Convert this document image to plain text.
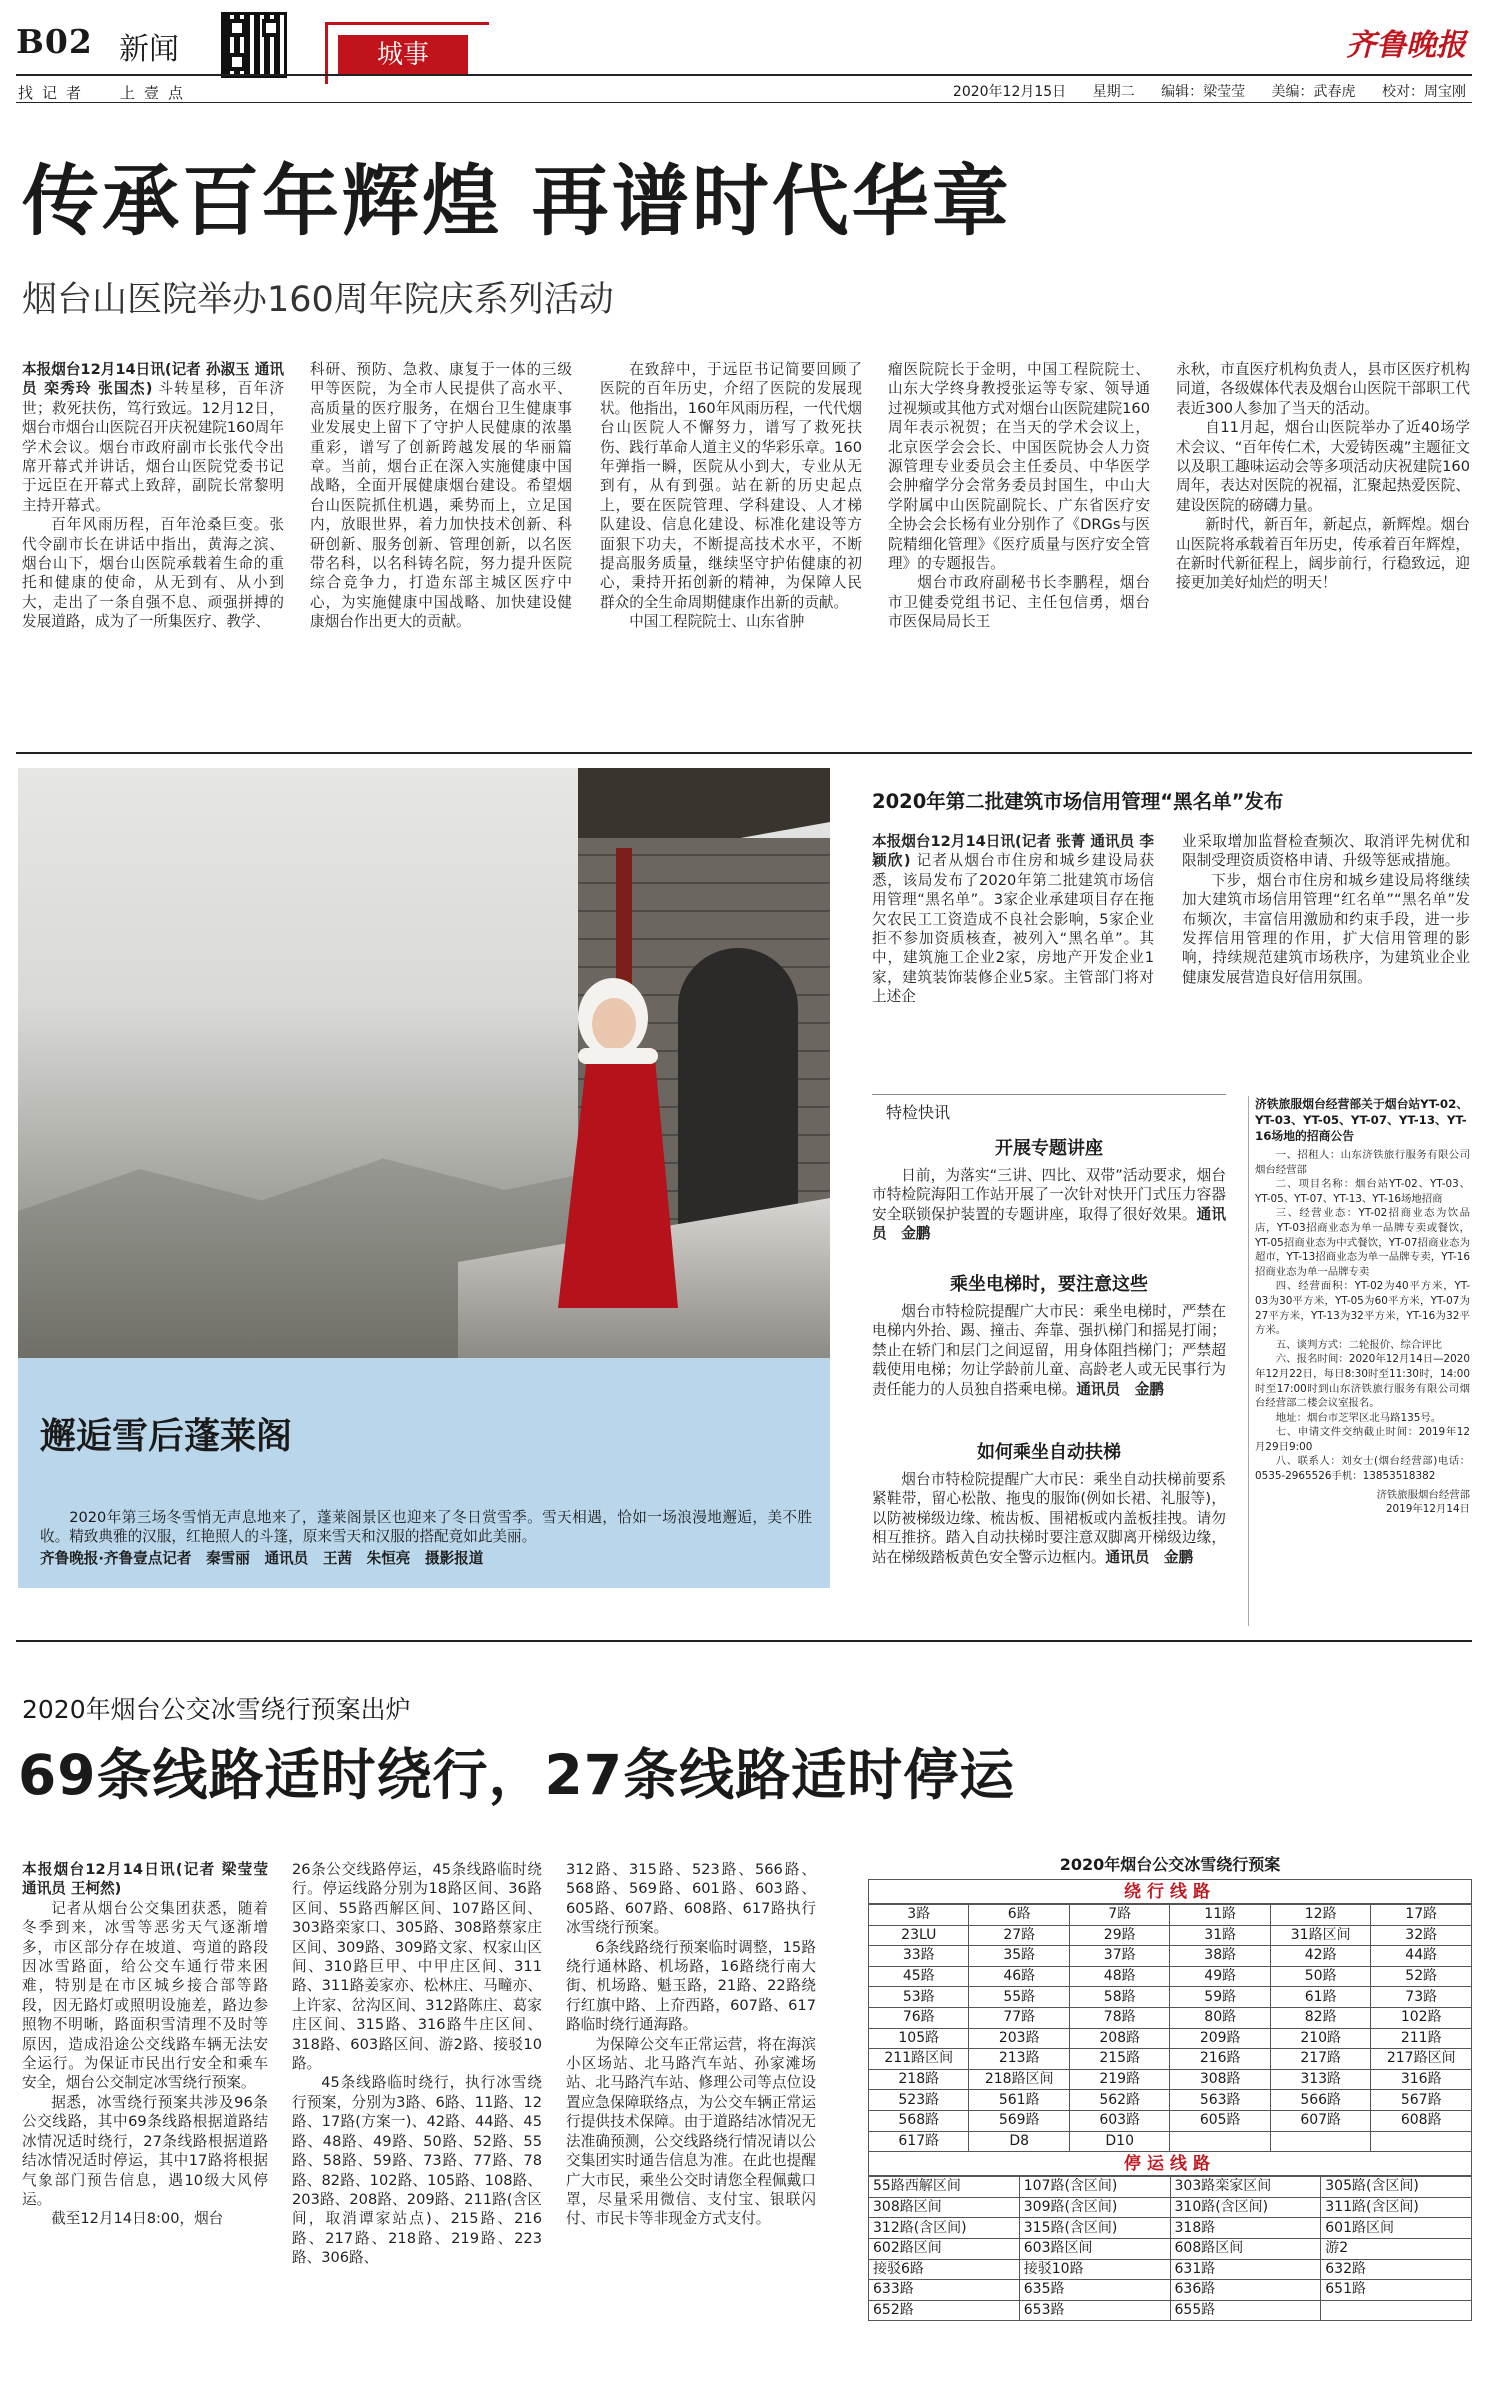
B02 新闻
找记者 上壹点
城事	齐鲁晚报
2020年12月15日　 星期二　 编辑：梁莹莹　 美编：武春虎　 校对：周宝刚
传承百年辉煌 再谱时代华章
烟台山医院举办160周年院庆系列活动

本报烟台12月14日讯(记者 孙淑玉 通讯员 栾秀玲 张国杰) 斗转星移，百年济世；救死扶伤，笃行致远。12月12日，烟台市烟台山医院召开庆祝建院160周年学术会议。烟台市政府副市长张代令出席开幕式并讲话，烟台山医院党委书记于远臣在开幕式上致辞，副院长常黎明主持开幕式。

百年风雨历程，百年沧桑巨变。张代令副市长在讲话中指出，黄海之滨、烟台山下，烟台山医院承载着生命的重托和健康的使命，从无到有、从小到大，走出了一条自强不息、顽强拼搏的发展道路，成为了一所集医疗、教学、

科研、预防、急救、康复于一体的三级甲等医院，为全市人民提供了高水平、高质量的医疗服务，在烟台卫生健康事业发展史上留下了守护人民健康的浓墨重彩，谱写了创新跨越发展的华丽篇章。当前，烟台正在深入实施健康中国战略，全面开展健康烟台建设。希望烟台山医院抓住机遇，乘势而上，立足国内，放眼世界，着力加快技术创新、科研创新、服务创新、管理创新，以名医带名科，以名科铸名院，努力提升医院综合竞争力，打造东部主城区医疗中心，为实施健康中国战略、加快建设健康烟台作出更大的贡献。

在致辞中，于远臣书记简要回顾了医院的百年历史，介绍了医院的发展现状。他指出，160年风雨历程，一代代烟台山医院人不懈努力，谱写了救死扶伤、践行革命人道主义的华彩乐章。160年弹指一瞬，医院从小到大，专业从无到有，从有到强。站在新的历史起点上，要在医院管理、学科建设、人才梯队建设、信息化建设、标准化建设等方面狠下功夫，不断提高技术水平，不断提高服务质量，继续坚守护佑健康的初心，秉持开拓创新的精神，为保障人民群众的全生命周期健康作出新的贡献。

中国工程院院士、山东省肿

瘤医院院长于金明，中国工程院院士、山东大学终身教授张运等专家、领导通过视频或其他方式对烟台山医院建院160周年表示祝贺；在当天的学术会议上，北京医学会会长、中国医院协会人力资源管理专业委员会主任委员、中华医学会肿瘤学分会常务委员封国生，中山大学附属中山医院副院长、广东省医疗安全协会会长杨有业分别作了《DRGs与医院精细化管理》《医疗质量与医疗安全管理》的专题报告。

烟台市政府副秘书长李鹏程，烟台市卫健委党组书记、主任包信勇，烟台市医保局局长王

永秋，市直医疗机构负责人，县市区医疗机构同道，各级媒体代表及烟台山医院干部职工代表近300人参加了当天的活动。

自11月起，烟台山医院举办了近40场学术会议、“百年传仁术，大爱铸医魂”主题征文以及职工趣味运动会等多项活动庆祝建院160周年，表达对医院的祝福，汇聚起热爱医院、建设医院的磅礴力量。

新时代，新百年，新起点，新辉煌。烟台山医院将承载着百年历史，传承着百年辉煌，在新时代新征程上，阔步前行，行稳致远，迎接更加美好灿烂的明天！

邂逅雪后蓬莱阁
2020年第三场冬雪悄无声息地来了，蓬莱阁景区也迎来了冬日赏雪季。雪天相遇，恰如一场浪漫地邂逅，美不胜收。精致典雅的汉服，红艳照人的斗篷，原来雪天和汉服的搭配竟如此美丽。
齐鲁晚报·齐鲁壹点记者　秦雪丽　通讯员　王茜　朱恒亮　摄影报道
2020年第二批建筑市场信用管理“黑名单”发布

本报烟台12月14日讯(记者 张菁 通讯员 李颖欣) 记者从烟台市住房和城乡建设局获悉，该局发布了2020年第二批建筑市场信用管理“黑名单”。3家企业承建项目存在拖欠农民工工资造成不良社会影响，5家企业拒不参加资质核查，被列入“黑名单”。其中，建筑施工企业2家，房地产开发企业1家，建筑装饰装修企业5家。主管部门将对上述企

业采取增加监督检查频次、取消评先树优和限制受理资质资格申请、升级等惩戒措施。

下步，烟台市住房和城乡建设局将继续加大建筑市场信用管理“红名单”“黑名单”发布频次，丰富信用激励和约束手段，进一步发挥信用管理的作用，扩大信用管理的影响，持续规范建筑市场秩序，为建筑业企业健康发展营造良好信用氛围。

特检快讯
开展专题讲座

日前，为落实“三讲、四比、双带”活动要求，烟台市特检院海阳工作站开展了一次针对快开门式压力容器安全联锁保护装置的专题讲座，取得了很好效果。通讯员　金鹏

乘坐电梯时，要注意这些

烟台市特检院提醒广大市民：乘坐电梯时，严禁在电梯内外抬、踢、撞击、奔靠、强扒梯门和摇晃打闹；禁止在轿门和层门之间逗留，用身体阻挡梯门；严禁超载使用电梯；勿让学龄前儿童、高龄老人或无民事行为责任能力的人员独自搭乘电梯。通讯员　金鹏

如何乘坐自动扶梯

烟台市特检院提醒广大市民：乘坐自动扶梯前要系紧鞋带，留心松散、拖曳的服饰(例如长裙、礼服等)，以防被梯级边缘、梳齿板、围裙板或内盖板挂拽。请勿相互推挤。踏入自动扶梯时要注意双脚离开梯级边缘，站在梯级踏板黄色安全警示边框内。通讯员　金鹏

济铁旅服烟台经营部关于烟台站YT-02、YT-03、YT-05、YT-07、YT-13、YT-16场地的招商公告
一、招租人：山东济铁旅行服务有限公司烟台经营部
二、项目名称：烟台站YT-02、YT-03、YT-05、YT-07、YT-13、YT-16场地招商
三、经营业态：YT-02招商业态为饮品店，YT-03招商业态为单一品牌专卖或餐饮，YT-05招商业态为中式餐饮，YT-07招商业态为超市，YT-13招商业态为单一品牌专卖，YT-16招商业态为单一品牌专卖
四、经营面积：YT-02为40平方米，YT-03为30平方米，YT-05为60平方米，YT-07为27平方米，YT-13为32平方米，YT-16为32平方米。
五、谈判方式：二轮报价、综合评比
六、报名时间：2020年12月14日—2020年12月22日，每日8:30时至11:30时，14:00时至17:00时到山东济铁旅行服务有限公司烟台经营部二楼会议室报名。
地址：烟台市芝罘区北马路135号。
七、申请文件交纳截止时间：2019年12月29日9:00
八、联系人：刘女士(烟台经营部)电话：0535-2965526手机：13853518382
济铁旅服烟台经营部
2019年12月14日
2020年烟台公交冰雪绕行预案出炉
69条线路适时绕行，27条线路适时停运

本报烟台12月14日讯(记者 梁莹莹 通讯员 王柯然)

记者从烟台公交集团获悉，随着冬季到来，冰雪等恶劣天气逐渐增多，市区部分存在坡道、弯道的路段因冰雪路面，给公交车通行带来困难，特别是在市区城乡接合部等路段，因无路灯或照明设施差，路边参照物不明晰，路面积雪清理不及时等原因，造成沿途公交线路车辆无法安全运行。为保证市民出行安全和乘车安全，烟台公交制定冰雪绕行预案。

据悉，冰雪绕行预案共涉及96条公交线路，其中69条线路根据道路结冰情况适时绕行，27条线路根据道路结冰情况适时停运，其中17路将根据气象部门预告信息，遇10级大风停运。

截至12月14日8:00，烟台

26条公交线路停运，45条线路临时绕行。停运线路分别为18路区间、36路区间、55路西解区间、107路区间、303路栾家口、305路、308路蔡家庄区间、309路、309路文家、权家山区间、310路巨甲、中甲庄区间、311路、311路姜家亦、松林庄、马疃亦、上许家、岔沟区间、312路陈庄、葛家庄区间、315路、316路牛庄区间、318路、603路区间、游2路、接驳10路。

45条线路临时绕行，执行冰雪绕行预案，分别为3路、6路、11路、12路、17路(方案一)、42路、44路、45路、48路、49路、50路、52路、55路、58路、59路、73路、77路、78路、82路、102路、105路、108路、203路、208路、209路、211路(含区间，取消谭家站点)、215路、216路、217路、218路、219路、223路、306路、

312路、315路、523路、566路、568路、569路、601路、603路、605路、607路、608路、617路执行冰雪绕行预案。

6条线路绕行预案临时调整，15路绕行通林路、机场路，16路绕行南大街、机场路、魁玉路，21路、22路绕行红旗中路、上夼西路，607路、617路临时绕行通海路。

为保障公交车正常运营，将在海滨小区场站、北马路汽车站、孙家滩场站、北马路汽车站、修理公司等点位设置应急保障联络点，为公交车辆正常运行提供技术保障。由于道路结冰情况无法准确预测，公交线路绕行情况请以公交集团实时通告信息为准。在此也提醒广大市民，乘坐公交时请您全程佩戴口罩，尽量采用微信、支付宝、银联闪付、市民卡等非现金方式支付。

2020年烟台公交冰雪绕行预案
绕行线路
3路	6路	7路	11路	12路	17路
23LU	27路	29路	31路	31路区间	32路
33路	35路	37路	38路	42路	44路
45路	46路	48路	49路	50路	52路
53路	55路	58路	59路	61路	73路
76路	77路	78路	80路	82路	102路
105路	203路	208路	209路	210路	211路
211路区间	213路	215路	216路	217路	217路区间
218路	218路区间	219路	308路	313路	316路
523路	561路	562路	563路	566路	567路
568路	569路	603路	605路	607路	608路
617路	D8	D10			
停运线路
55路西解区间	107路(含区间)	303路栾家区间	305路(含区间)
308路区间	309路(含区间)	310路(含区间)	311路(含区间)
312路(含区间)	315路(含区间)	318路	601路区间
602路区间	603路区间	608路区间	游2
接驳6路	接驳10路	631路	632路
633路	635路	636路	651路
652路	653路	655路	
